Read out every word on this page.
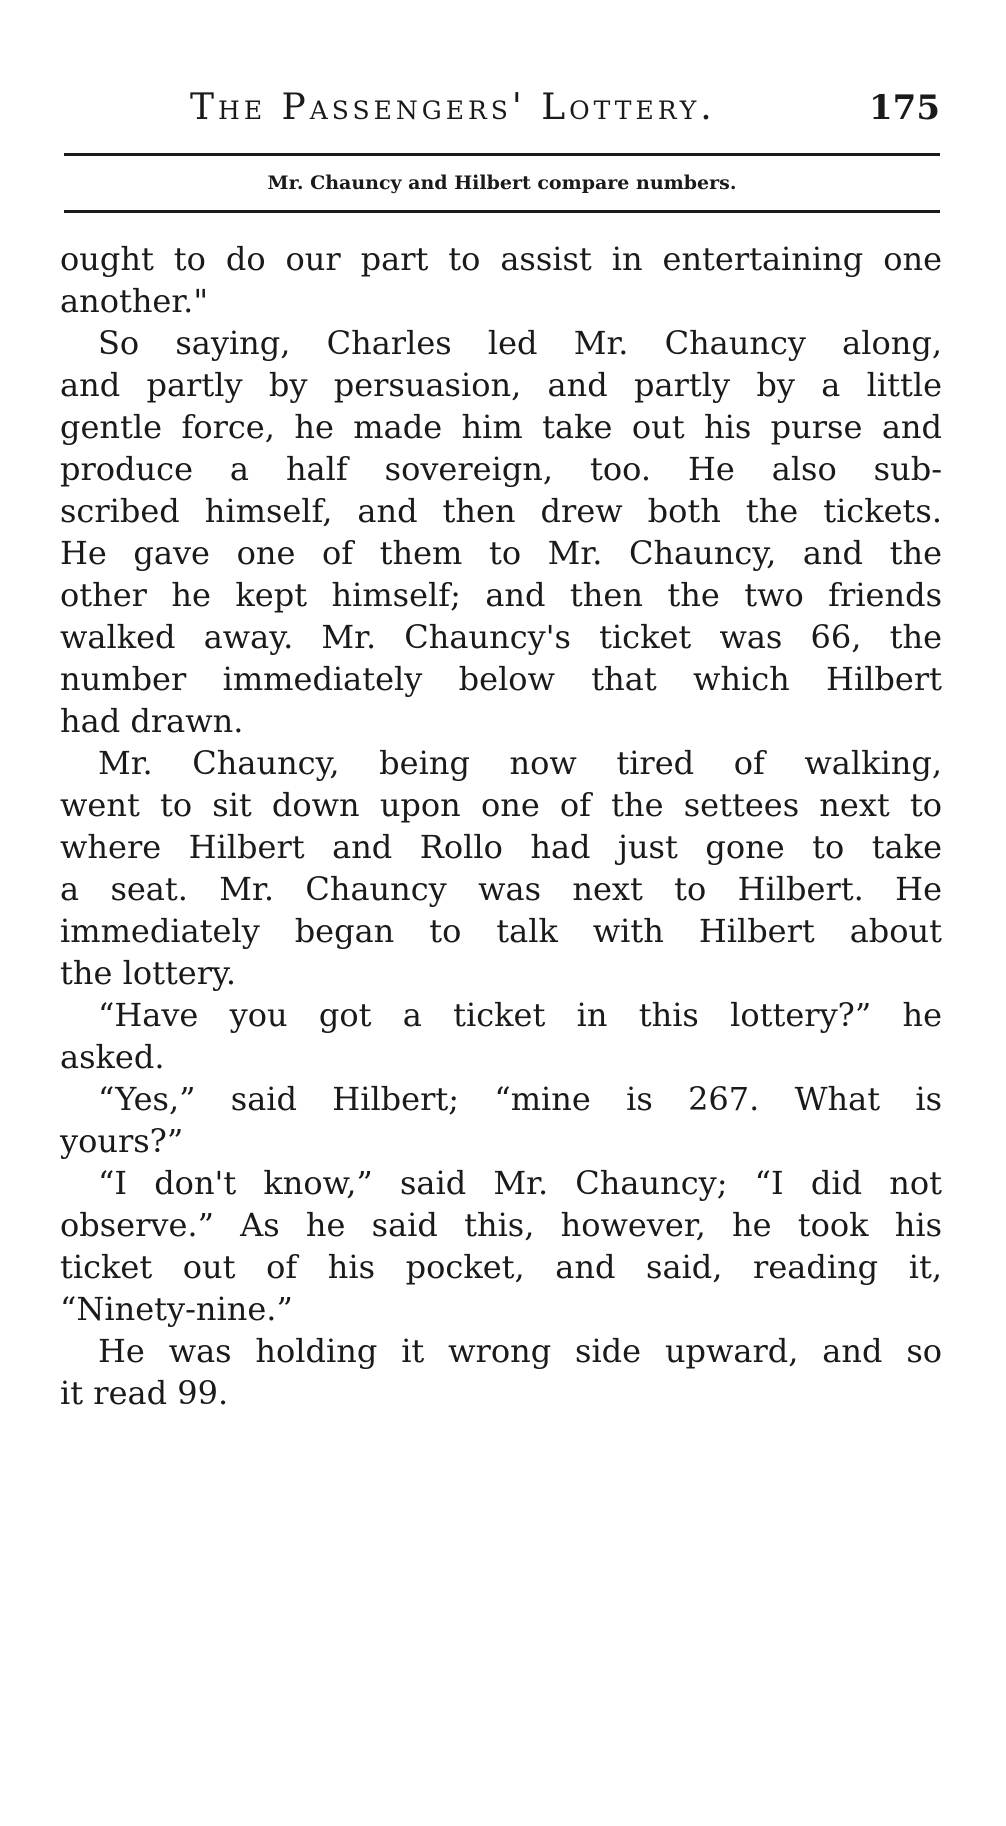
The Passengers' Lottery.	175
Mr. Chauncy and Hilbert compare numbers.

ought to do our part to assist in entertaining one
another."

So saying, Charles led Mr. Chauncy along,
and partly by persuasion, and partly by a little
gentle force, he made him take out his purse and
produce a half sovereign, too. He also sub-
scribed himself, and then drew both the tickets.
He gave one of them to Mr. Chauncy, and the
other he kept himself; and then the two friends
walked away. Mr. Chauncy's ticket was 66, the
number immediately below that which Hilbert
had drawn.

Mr. Chauncy, being now tired of walking,
went to sit down upon one of the settees next to
where Hilbert and Rollo had just gone to take
a seat. Mr. Chauncy was next to Hilbert. He
immediately began to talk with Hilbert about
the lottery.

“Have you got a ticket in this lottery?” he
asked.

“Yes,” said Hilbert; “mine is 267. What is
yours?”

“I don't know,” said Mr. Chauncy; “I did not
observe.” As he said this, however, he took his
ticket out of his pocket, and said, reading it,
“Ninety-nine.”

He was holding it wrong side upward, and so
it read 99.
